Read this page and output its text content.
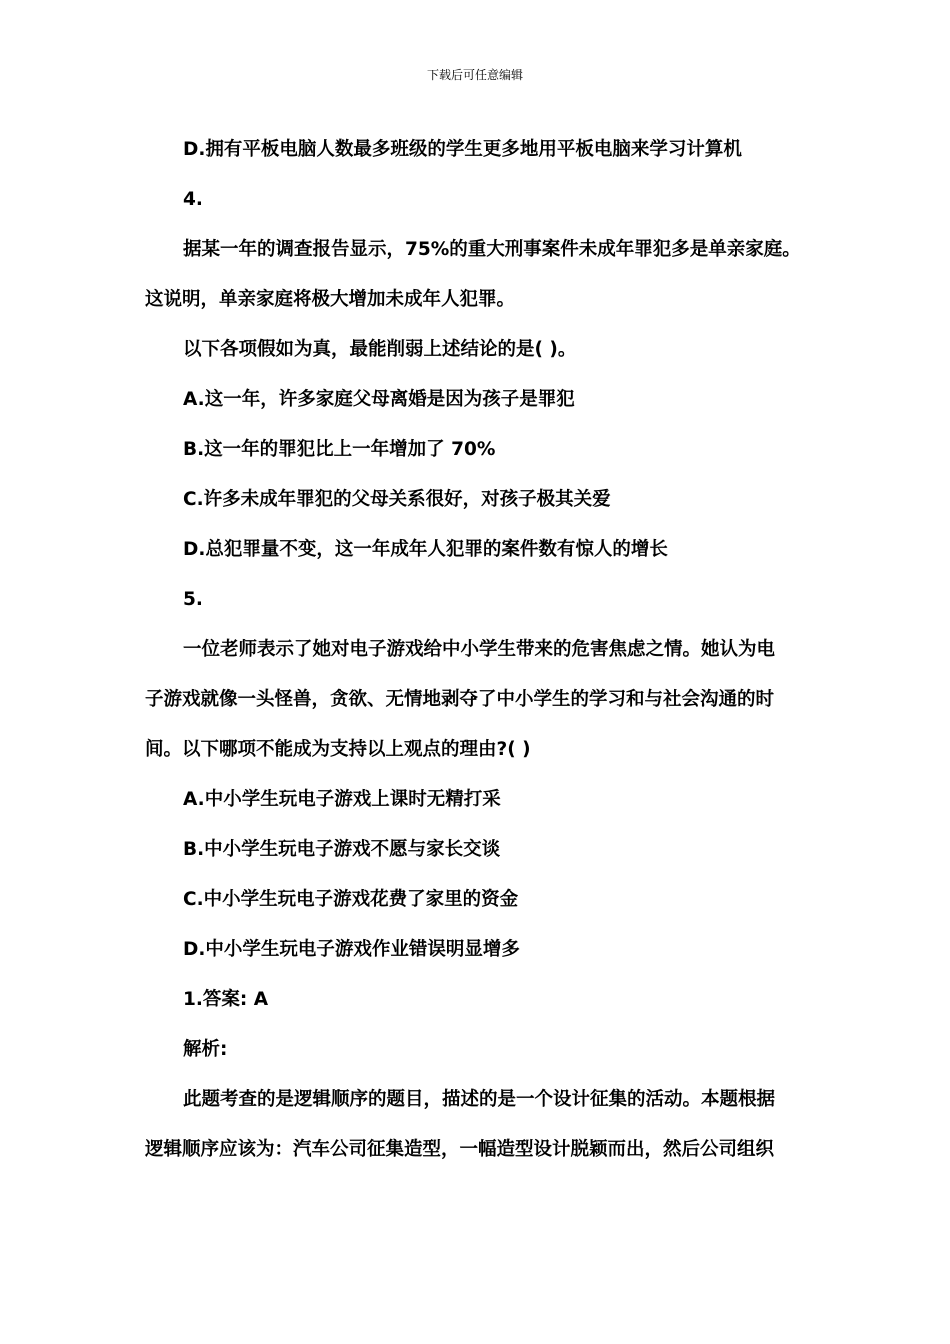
下载后可任意编辑
D.拥有平板电脑人数最多班级的学生更多地用平板电脑来学习计算机
4.
据某一年的调查报告显示，75%的重大刑事案件未成年罪犯多是单亲家庭。
这说明，单亲家庭将极大增加未成年人犯罪。
以下各项假如为真，最能削弱上述结论的是( )。
A.这一年，许多家庭父母离婚是因为孩子是罪犯
B.这一年的罪犯比上一年增加了 70%
C.许多未成年罪犯的父母关系很好，对孩子极其关爱
D.总犯罪量不变，这一年成年人犯罪的案件数有惊人的增长
5.
一位老师表示了她对电子游戏给中小学生带来的危害焦虑之情。她认为电
子游戏就像一头怪兽，贪欲、无情地剥夺了中小学生的学习和与社会沟通的时
间。以下哪项不能成为支持以上观点的理由?( )
A.中小学生玩电子游戏上课时无精打采
B.中小学生玩电子游戏不愿与家长交谈
C.中小学生玩电子游戏花费了家里的资金
D.中小学生玩电子游戏作业错误明显增多
1.答案: A
解析:
此题考查的是逻辑顺序的题目，描述的是一个设计征集的活动。本题根据
逻辑顺序应该为：汽车公司征集造型，一幅造型设计脱颖而出，然后公司组织
